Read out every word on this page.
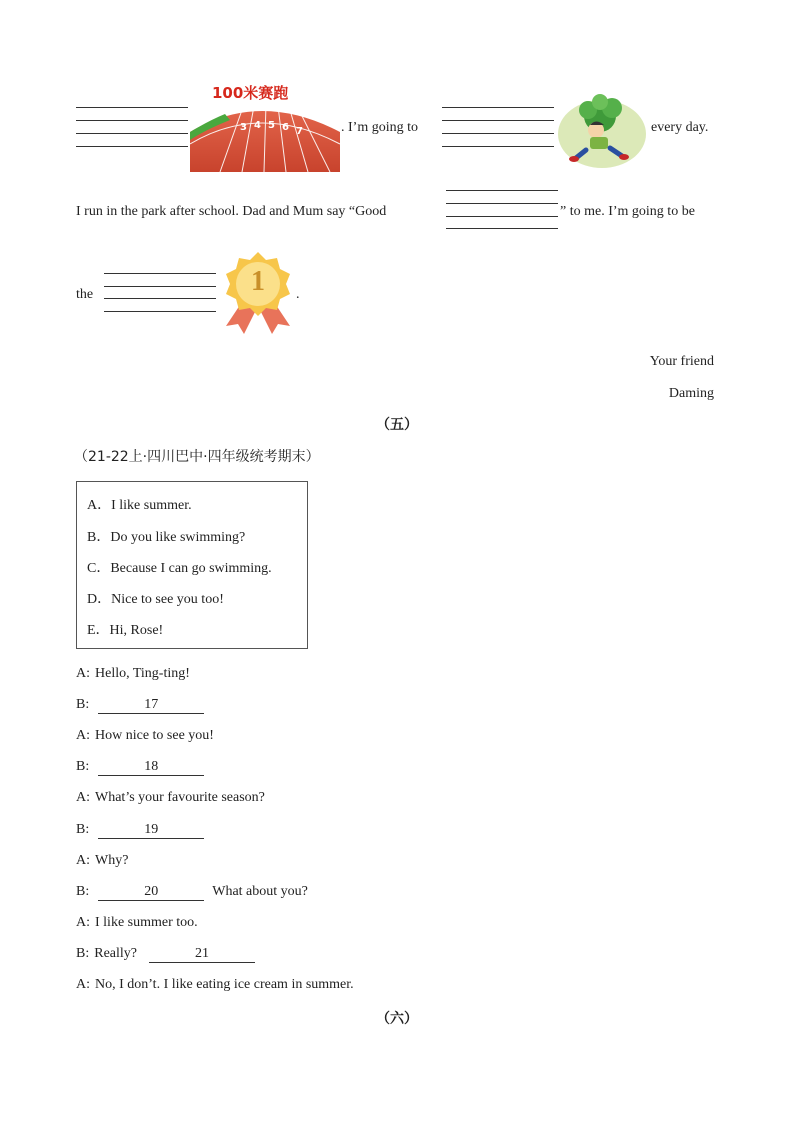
100米赛跑
3 4 5 6 7	. I’m going to	every day.
I run in the park after school. Dad and Mum say “Good	” to me. I’m going to be
the	1	.
Your friend
Daming
（五）
（21-22上·四川巴中·四年级统考期末）
A．I like summer.
B．Do you like swimming?
C．Because I can go swimming.
D．Nice to see you too!
E．Hi, Rose!
A: Hello, Ting-ting!
B:	17
A: How nice to see you!
B:	18
A: What’s your favourite season?
B:	19
A: Why?
B:	20	What about you?
A: I like summer too.
B: Really?	21
A: No, I don’t. I like eating ice cream in summer.
（六）
